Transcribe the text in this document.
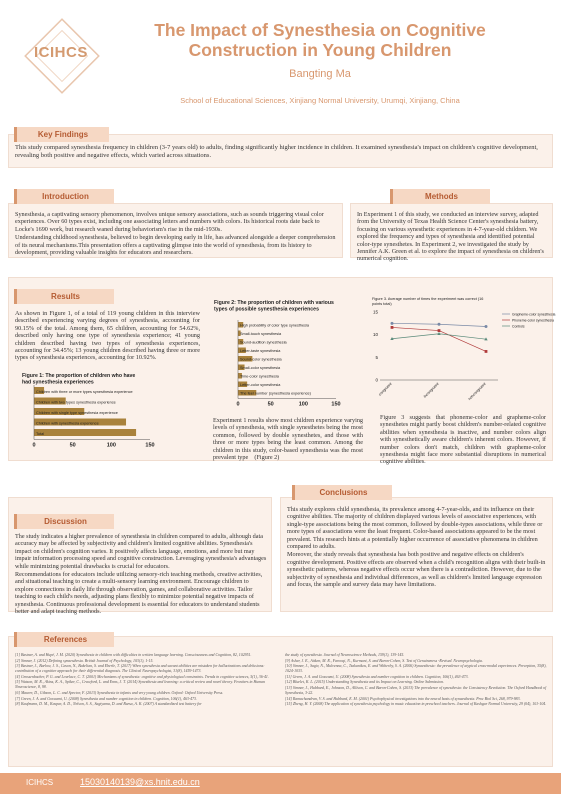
ICIHCS
The Impact of Synesthesia on Cognitive Construction in Young Children
Bangting Ma
School of Educational Sciences, Xinjiang Normal University, Urumqi, Xinjiang, China
Key Findings
This study compared synesthesia frequency in children (3-7 years old) to adults, finding significantly higher incidence in children. It examined synesthesia's impact on children's cognitive development, revealing both positive and negative effects, which varied across situations.
Introduction

Synesthesia, a captivating sensory phenomenon, involves unique sensory associations, such as sounds triggering visual color experiences. Over 60 types exist, including one associating letters and numbers with colors. Its historical roots date back to Locke's 1690 work, but research waned during behaviorism's rise in the mid-1930s.

Understanding childhood synesthesia, believed to begin developing early in life, has advanced alongside a deeper comprehension of its neural mechanisms.This presentation offers a captivating glimpse into the world of synesthesia, from its history to development, providing valuable insights for educators and researchers.

Methods
In Experiment 1 of this study, we conducted an interview survey, adapted from the University of Texas Health Science Center's synesthesia battery, focusing on various synesthetic experiences in 4-7-year-old children. We explored the frequency and types of synesthesia and identified potential color-type synesthetes. In Experiment 2, we investigated the study by Jennifer A.K. Green et al. to explore the impact of synesthesia on children's numerical cognition.
Results
As shown in Figure 1, of a total of 119 young children in this interview described experiencing varying degrees of synesthesia, accounting for 90.15% of the total. Among them, 65 children, accounting for 54.62%, described only having one type of synesthesia experience; 41 young children described having two types of synesthesia experiences, accounting for 34.45%; 13 young children described having three or more types of synesthesia experiences, accounting for 10.92%.
Figure 1: The proportion of children who have
had synesthesia experiences
Children with three or more types synesthesia experience
Children with two types synesthesia experience
Children with single type synesthesia experience
Children with synesthesia experience
Total
0	50	100	150
Figure 2: The proportion of children with various
types of possible synesthesia experiences
High probability of color type synesthesia
Small-touch synesthesia
Sound-audition synesthesia
Letter-taste synesthesia
Sound-color synesthesia
Small-color synesthesia
Time-color synesthesia
Letter-color synesthesia
The feel number (synesthesia experience)
0	50	100	150
Experiment 1 results show most children experience varying levels of synesthesia, with single synesthetes being the most common, followed by double synesthetes, and those with three or more types being the least common. Among the children in this study, color-based synesthesia was the most prevalent type　(Figure 2)
Figure 3. Average number of times the experiment was correct (16
points total)
0
5
10
15
congruent	incongruent	noncongruent
Grapheme-color synesthesia
Phoneme-color synesthesia
Controls
Figure 3 suggests that phoneme-color and grapheme-color synesthetes might partly boost children's number-related cognitive abilities when synesthesia is inactive, and number colors align with synesthetically aware children's inherent colors. However, if number colors don't match, children with grapheme-color synesthesia might face more substantial disruptions in numerical cognitive abilities.
Discussion

The study indicates a higher prevalence of synesthesia in children compared to adults, although data accuracy may be affected by subjectivity and children's limited cognitive abilities. Synesthesia's impact on children's cognition varies. It positively affects language, emotions, and more but may impair information processing speed and cognitive construction. Leveraging synesthesia's advantages while minimizing potential drawbacks is crucial for educators.

Recommendations for educators include utilizing sensory-rich teaching methods, creative activities, and situational teaching to create a multi-sensory learning environment. Encourage children to explore connections in daily life through observation, games, and collaborative activities. Tailor teaching to each child's needs, adjusting plans flexibly to minimize potential negative impacts of synesthesia. Continuous professional development is essential for educators to understand students better and adapt teaching methods.

Conclusions

This study explores child synesthesia, its prevalence among 4-7-year-olds, and its influence on their cognitive abilities. The majority of children displayed various levels of associative experiences, with single-type associations being the most common, followed by double-types associations, while three or more types of associations were the least frequent. Color-based associations appeared to be the most prevalent. This research hints at a potentially higher occurrence of associative phenomena in children compared to adults.

Moreover, the study reveals that synesthesia has both positive and negative effects on children's cognitive development. Positive effects are observed when a child's recognition aligns with their built-in synesthetic patterns, whereas negative effects occur when there is a contradiction. However, due to the subjectivity of synesthesia and individual differences, as well as children's limited language expression and focus, the sample and survey data may have limitations.

References
[1] Bastner, A. and Hupé, J. M. (2020) Synesthesia in children with difficulties in written language learning. Consciousness and Cognition, 82, 102951.
[2] Simner, J. (2012) Defining synaesthesia. British Journal of Psychology, 103(1), 1-15.
[3] Bastner, J., Barlow, J. S., Cason, N., Bakelian, S. and Eberle, T. (2017) When synesthesia and savant abilities are mistaken for hallucinations and delusions: contribution of a cognitive approach for their differential diagnosis. The Clinical Neuropsychologist, 31(8), 1459-1473.
[4] Grossenbacher, P. G. and Lovelace, C. T. (2001) Mechanisms of synesthesia: cognitive and physiological constraints. Trends in cognitive sciences, 5(1), 36-41.
[5] Watson, M. R., Akins, K. A., Spiker, C., Crawford, L. and Enns, J. T. (2014) Synesthesia and learning: a critical review and novel theory. Frontiers in Human Neuroscience, 8, 98.
[6] Maurer, D., Gibson, L. C. and Spector, F. (2013) Synesthesia in infants and very young children. Oxford: Oxford University Press.
[7] Green, J. A. and Goswami, U. (2008) Synesthesia and number cognition in children. Cognition, 106(1), 463-473.
[8] Kaufmann, D. M., Kaspar, A. D., Nelson, S. S., Sagiyama, D. and Bursa, A. K. (2007) A standardized test battery for
the study of synesthesia. Journal of Neuroscience Methods, 159(1), 139-145.
[9] Asher, J. E., Aitken, M. R., Farooqi, N., Kurmani, S. and Baron-Cohen, S. Test of Genuineness -Revised. Neuropsychologia.
[10] Simner, J., Sagiv, N., Mulvenna, C., Tsakanikos, E. and Witherby, S. A. (2006) Synaesthesia: the prevalence of atypical cross-modal experiences. Perception, 35(8), 1024-1033.
[11] Green, J. A. and Goswami, U. (2008) Synesthesia and number cognition in children. Cognition, 106(1), 463-473.
[12] Bluelet, K. L. (2015) Understanding Synesthesia and its Impact on Learning. Online Submission.
[13] Simner, J., Hubbard, E., Johnson, D., Allison, C. and Baron-Cohen, S. (2013) The prevalence of synesthesia: the Consistency Revolution. The Oxford Handbook of Synesthesia, 3-22.
[14] Ramachandran, V. S. and Hubbard, E. M. (2001) Psychophysical investigations into the neural basis of synaesthesia. Proc Biol Sci, 268, 979-983.
[15] Zheng, H. Y. (2008) The application of synesthesia psychology in music education in preschool teachers. Journal of Kashgar Normal University, 29 (04), 101-104.
ICIHCS	15030140139@xs.hnit.edu.cn
